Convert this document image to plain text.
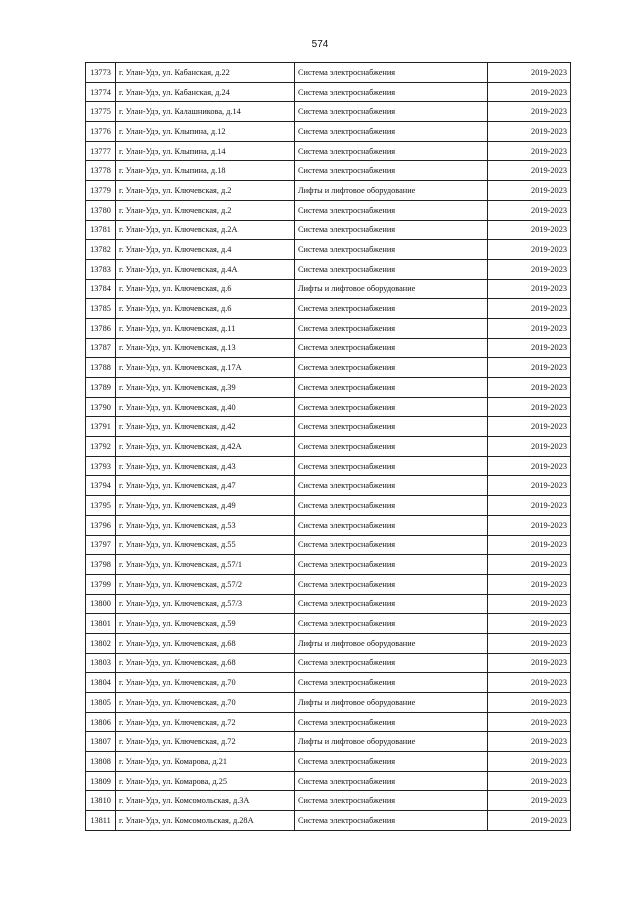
574
13773	г. Улан-Удэ, ул. Кабанская, д.22	Система электроснабжения	2019-2023
13774	г. Улан-Удэ, ул. Кабанская, д.24	Система электроснабжения	2019-2023
13775	г. Улан-Удэ, ул. Калашникова, д.14	Система электроснабжения	2019-2023
13776	г. Улан-Удэ, ул. Клыпина, д.12	Система электроснабжения	2019-2023
13777	г. Улан-Удэ, ул. Клыпина, д.14	Система электроснабжения	2019-2023
13778	г. Улан-Удэ, ул. Клыпина, д.18	Система электроснабжения	2019-2023
13779	г. Улан-Удэ, ул. Ключевская, д.2	Лифты и лифтовое оборудование	2019-2023
13780	г. Улан-Удэ, ул. Ключевская, д.2	Система электроснабжения	2019-2023
13781	г. Улан-Удэ, ул. Ключевская, д.2А	Система электроснабжения	2019-2023
13782	г. Улан-Удэ, ул. Ключевская, д.4	Система электроснабжения	2019-2023
13783	г. Улан-Удэ, ул. Ключевская, д.4А	Система электроснабжения	2019-2023
13784	г. Улан-Удэ, ул. Ключевская, д.6	Лифты и лифтовое оборудование	2019-2023
13785	г. Улан-Удэ, ул. Ключевская, д.6	Система электроснабжения	2019-2023
13786	г. Улан-Удэ, ул. Ключевская, д.11	Система электроснабжения	2019-2023
13787	г. Улан-Удэ, ул. Ключевская, д.13	Система электроснабжения	2019-2023
13788	г. Улан-Удэ, ул. Ключевская, д.17А	Система электроснабжения	2019-2023
13789	г. Улан-Удэ, ул. Ключевская, д.39	Система электроснабжения	2019-2023
13790	г. Улан-Удэ, ул. Ключевская, д.40	Система электроснабжения	2019-2023
13791	г. Улан-Удэ, ул. Ключевская, д.42	Система электроснабжения	2019-2023
13792	г. Улан-Удэ, ул. Ключевская, д.42А	Система электроснабжения	2019-2023
13793	г. Улан-Удэ, ул. Ключевская, д.43	Система электроснабжения	2019-2023
13794	г. Улан-Удэ, ул. Ключевская, д.47	Система электроснабжения	2019-2023
13795	г. Улан-Удэ, ул. Ключевская, д.49	Система электроснабжения	2019-2023
13796	г. Улан-Удэ, ул. Ключевская, д.53	Система электроснабжения	2019-2023
13797	г. Улан-Удэ, ул. Ключевская, д.55	Система электроснабжения	2019-2023
13798	г. Улан-Удэ, ул. Ключевская, д.57/1	Система электроснабжения	2019-2023
13799	г. Улан-Удэ, ул. Ключевская, д.57/2	Система электроснабжения	2019-2023
13800	г. Улан-Удэ, ул. Ключевская, д.57/3	Система электроснабжения	2019-2023
13801	г. Улан-Удэ, ул. Ключевская, д.59	Система электроснабжения	2019-2023
13802	г. Улан-Удэ, ул. Ключевская, д.68	Лифты и лифтовое оборудование	2019-2023
13803	г. Улан-Удэ, ул. Ключевская, д.68	Система электроснабжения	2019-2023
13804	г. Улан-Удэ, ул. Ключевская, д.70	Система электроснабжения	2019-2023
13805	г. Улан-Удэ, ул. Ключевская, д.70	Лифты и лифтовое оборудование	2019-2023
13806	г. Улан-Удэ, ул. Ключевская, д.72	Система электроснабжения	2019-2023
13807	г. Улан-Удэ, ул. Ключевская, д.72	Лифты и лифтовое оборудование	2019-2023
13808	г. Улан-Удэ, ул. Комарова, д.21	Система электроснабжения	2019-2023
13809	г. Улан-Удэ, ул. Комарова, д.25	Система электроснабжения	2019-2023
13810	г. Улан-Удэ, ул. Комсомольская, д.3А	Система электроснабжения	2019-2023
13811	г. Улан-Удэ, ул. Комсомольская, д.28А	Система электроснабжения	2019-2023
